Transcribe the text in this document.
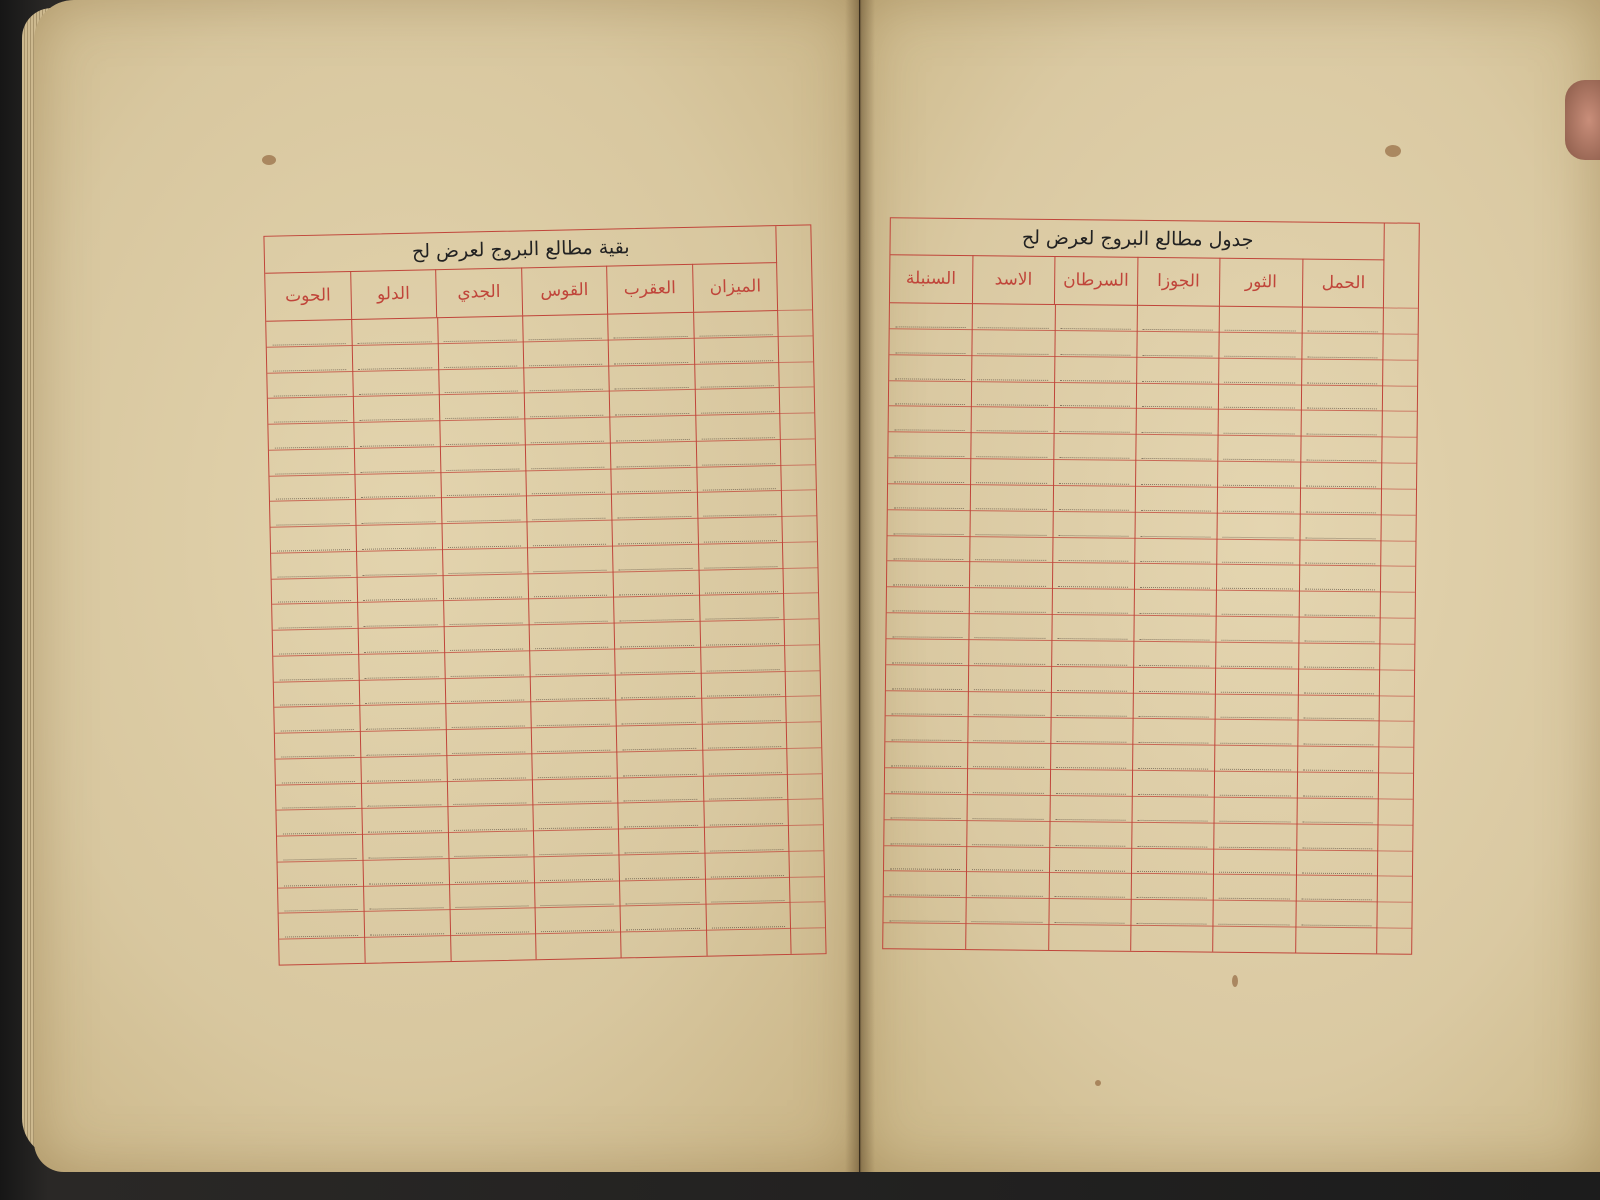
بقية مطالع البروج لعرض لح
الميزان
العقرب
القوس
الجدي
الدلو
الحوت
جدول مطالع البروج لعرض لح
الحمل
الثور
الجوزا
السرطان
الاسد
السنبلة
